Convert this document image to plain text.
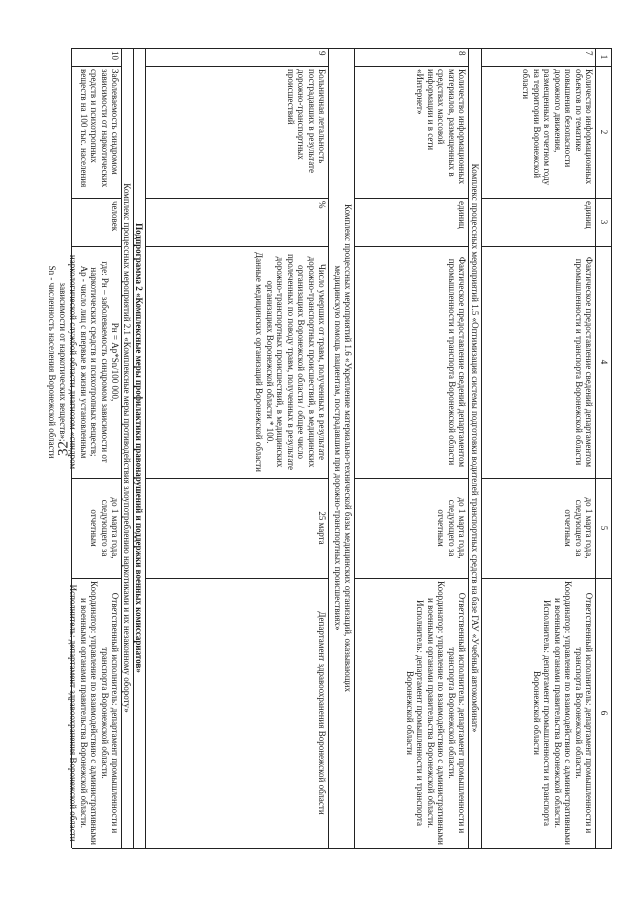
32
1
2
3
4
5
6
7
Количество информационных объектов по тематике повышения безопасности дорожного движения, размещенных в отчетном году на территории Воронежской области
единиц
Фактическое предоставление сведений департаментом промышленности и транспорта Воронежской области
до 1 марта года, следующего за отчетным
Ответственный исполнитель: департамент промышленности и транспорта Воронежской области.
Координатор: управление по взаимодействию с административными и военными органами правительства Воронежской области.
Исполнитель: департамент промышленности и транспорта Воронежской области
Комплекс процессных мероприятий 1.5 «Оптимизация системы подготовки водителей транспортных средств на базе ГАУ «Учебный автокомбинат»
8
Количество информационных материалов, размещенных в средствах массовой информации и в сети «Интернет»
единиц
Фактическое предоставление сведений департаментом промышленности и транспорта Воронежской области
до 1 марта года, следующего за отчетным
Ответственный исполнитель: департамент промышленности и транспорта Воронежской области.
Координатор: управление по взаимодействию с административными и военными органами правительства Воронежской области.
Исполнитель: департамент промышленности и транспорта Воронежской области
Комплекс процессных мероприятий 1.6 «Укрепление материально-технической базы медицинских организаций, оказывающих медицинскую помощь пациентам, пострадавшим при дорожно-транспортных происшествиях»
9
Больничная летальность пострадавших в результате дорожно-транспортных происшествий
%
Число умерших от травм, полученных в результате дорожно-транспортных происшествий, в медицинских организациях Воронежской области / общее число пролеченных по поводу травм, полученных в результате дорожно-транспортных происшествий, в медицинских организациях Воронежской области * 100.
Данные медицинских организаций Воронежской области
25 марта
Департамент здравоохранения Воронежской области
Подпрограмма 2 «Комплексные меры профилактики правонарушений и поддержки военных комиссариатов»
Комплекс процессных мероприятий 2.1 «Комплексные меры противодействия злоупотреблению наркотиками и их незаконному обороту»
10
Заболеваемость синдромом зависимости от наркотических средств и психотропных веществ на 100 тыс. населения
человек
Рн = Ар*Sn/100 000,
где: Рн – заболеваемость синдромом зависимости от наркотических средств и психотропных веществ;
Ар - число лиц с впервые в жизни установленным наркологической службой области диагнозом «синдром зависимости от наркотических веществ»;
Sn - численность населения Воронежской области
до 1 марта года, следующего за отчетным
Ответственный исполнитель: департамент промышленности и транспорта Воронежской области.
Координатор: управление по взаимодействию с административными и военными органами правительства Воронежской области.
Исполнитель: департамент здравоохранения Воронежской области
